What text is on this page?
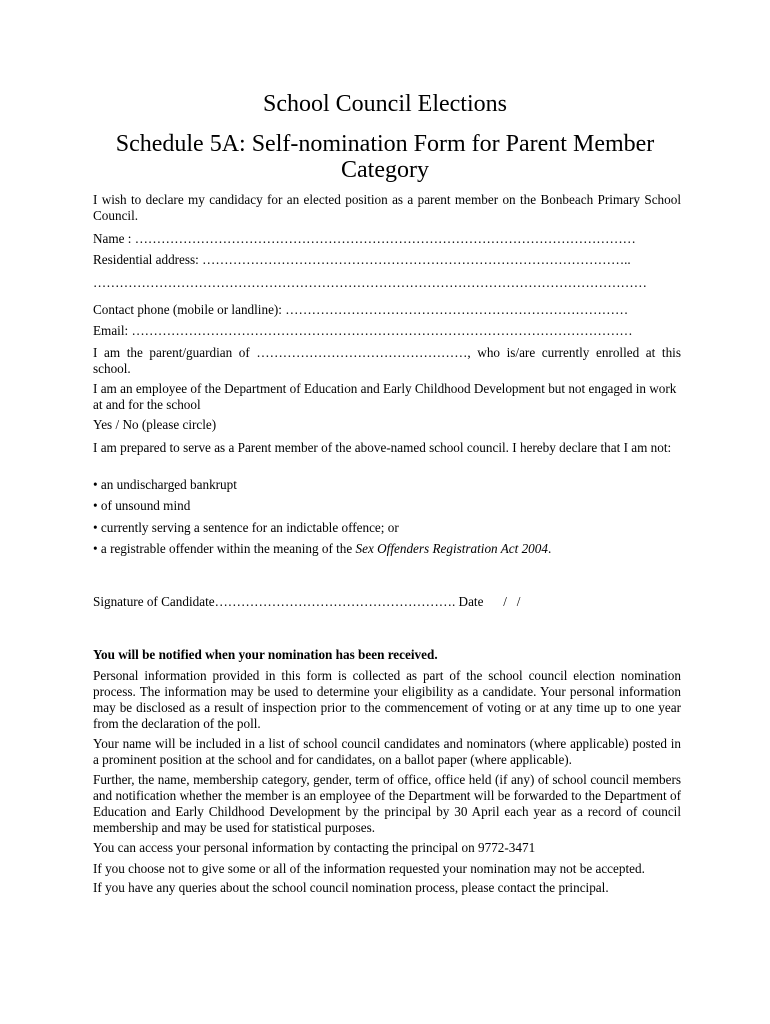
School Council Elections
Schedule 5A: Self-nomination Form for Parent Member
Category

I wish to declare my candidacy for an elected position as a parent member on the Bonbeach Primary School Council.

Name : ……………………………………………………………………………………………………

Residential address: ……………………………………………………………………………………..

………………………………………………………………………………………………………………

Contact phone (mobile or landline): ……………………………………………………………………

Email: ……………………………………………………………………………………………………

I am the parent/guardian of …………………………………………, who is/are currently enrolled at this school.

I am an employee of the Department of Education and Early Childhood Development but not engaged in work at and for the school

Yes / No (please circle)

I am prepared to serve as a Parent member of the above-named school council. I hereby declare that I am not:

• an undischarged bankrupt

• of unsound mind

• currently serving a sentence for an indictable offence; or

• a registrable offender within the meaning of the Sex Offenders Registration Act 2004.

Signature of Candidate………………………………………………. Date /   /

You will be notified when your nomination has been received.

Personal information provided in this form is collected as part of the school council election nomination process. The information may be used to determine your eligibility as a candidate. Your personal information may be disclosed as a result of inspection prior to the commencement of voting or at any time up to one year from the declaration of the poll.

Your name will be included in a list of school council candidates and nominators (where applicable) posted in a prominent position at the school and for candidates, on a ballot paper (where applicable).

Further, the name, membership category, gender, term of office, office held (if any) of school council members and notification whether the member is an employee of the Department will be forwarded to the Department of Education and Early Childhood Development by the principal by 30 April each year as a record of council membership and may be used for statistical purposes.

You can access your personal information by contacting the principal on 9772-3471

If you choose not to give some or all of the information requested your nomination may not be accepted.

If you have any queries about the school council nomination process, please contact the principal.
